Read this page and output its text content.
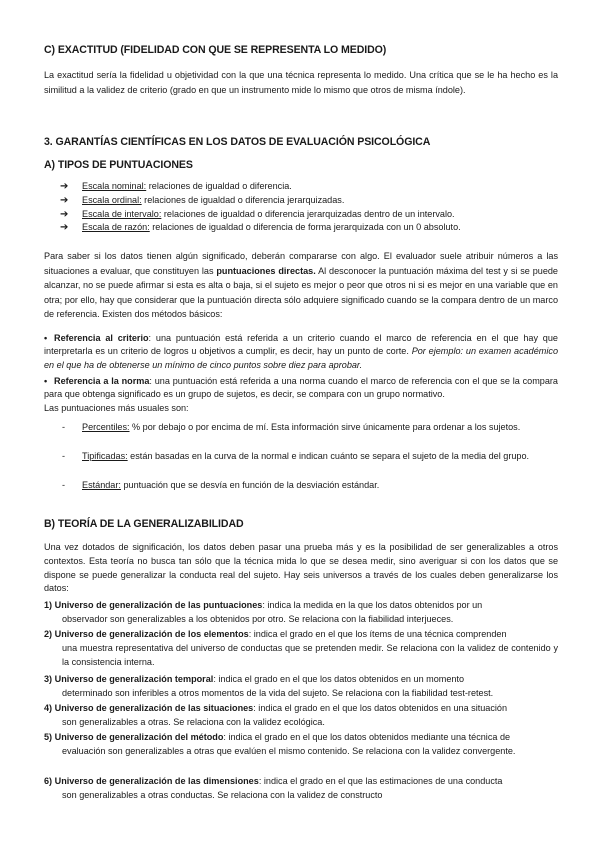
C) EXACTITUD (FIDELIDAD CON QUE SE REPRESENTA LO MEDIDO)

La exactitud sería la fidelidad u objetividad con la que una técnica representa lo medido. Una crítica que se le ha hecho es la similitud a la validez de criterio (grado en que un instrumento mide lo mismo que otros de misma índole).

3. GARANTÍAS CIENTÍFICAS EN LOS DATOS DE EVALUACIÓN PSICOLÓGICA
A) TIPOS DE PUNTUACIONES
➔ Escala nominal: relaciones de igualdad o diferencia.
➔ Escala ordinal: relaciones de igualdad o diferencia jerarquizadas.
➔ Escala de intervalo: relaciones de igualdad o diferencia jerarquizadas dentro de un intervalo.
➔ Escala de razón: relaciones de igualdad o diferencia de forma jerarquizada con un 0 absoluto.

Para saber si los datos tienen algún significado, deberán compararse con algo. El evaluador suele atribuir números a las situaciones a evaluar, que constituyen las puntuaciones directas. Al desconocer la puntuación máxima del test y si se puede alcanzar, no se puede afirmar si esta es alta o baja, si el sujeto es mejor o peor que otros ni si es mejor en una variable que en otra; por ello, hay que considerar que la puntuación directa sólo adquiere significado cuando se la compara dentro de un marco de referencia. Existen dos métodos básicos:

• Referencia al criterio: una puntuación está referida a un criterio cuando el marco de referencia en el que hay que interpretarla es un criterio de logros u objetivos a cumplir, es decir, hay un punto de corte. Por ejemplo: un examen académico en el que ha de obtenerse un mínimo de cinco puntos sobre diez para aprobar.

• Referencia a la norma: una puntuación está referida a una norma cuando el marco de referencia con el que se la compara para que obtenga significado es un grupo de sujetos, es decir, se compara con un grupo normativo.
Las puntuaciones más usuales son:

- Percentiles: % por debajo o por encima de mí. Esta información sirve únicamente para ordenar a los sujetos.

- Tipificadas: están basadas en la curva de la normal e indican cuánto se separa el sujeto de la media del grupo.

- Estándar: puntuación que se desvía en función de la desviación estándar.

B) TEORÍA DE LA GENERALIZABILIDAD

Una vez dotados de significación, los datos deben pasar una prueba más y es la posibilidad de ser generalizables a otros contextos. Esta teoría no busca tan sólo que la técnica mida lo que se desea medir, sino averiguar si con los datos que se dispone se puede generalizar la conducta real del sujeto. Hay seis universos a través de los cuales deben generalizarse los datos:

1) Universo de generalización de las puntuaciones: indica la medida en la que los datos obtenidos por un
observador son generalizables a los obtenidos por otro. Se relaciona con la fiabilidad interjueces.

2) Universo de generalización de los elementos: indica el grado en el que los ítems de una técnica comprenden
una muestra representativa del universo de conductas que se pretenden medir. Se relaciona con la validez de contenido y la consistencia interna.

3) Universo de generalización temporal: indica el grado en el que los datos obtenidos en un momento
determinado son inferibles a otros momentos de la vida del sujeto. Se relaciona con la fiabilidad test-retest.

4) Universo de generalización de las situaciones: indica el grado en el que los datos obtenidos en una situación
son generalizables a otras. Se relaciona con la validez ecológica.

5) Universo de generalización del método: indica el grado en el que los datos obtenidos mediante una técnica de
evaluación son generalizables a otras que evalúen el mismo contenido. Se relaciona con la validez convergente.

6) Universo de generalización de las dimensiones: indica el grado en el que las estimaciones de una conducta
son generalizables a otras conductas. Se relaciona con la validez de constructo
